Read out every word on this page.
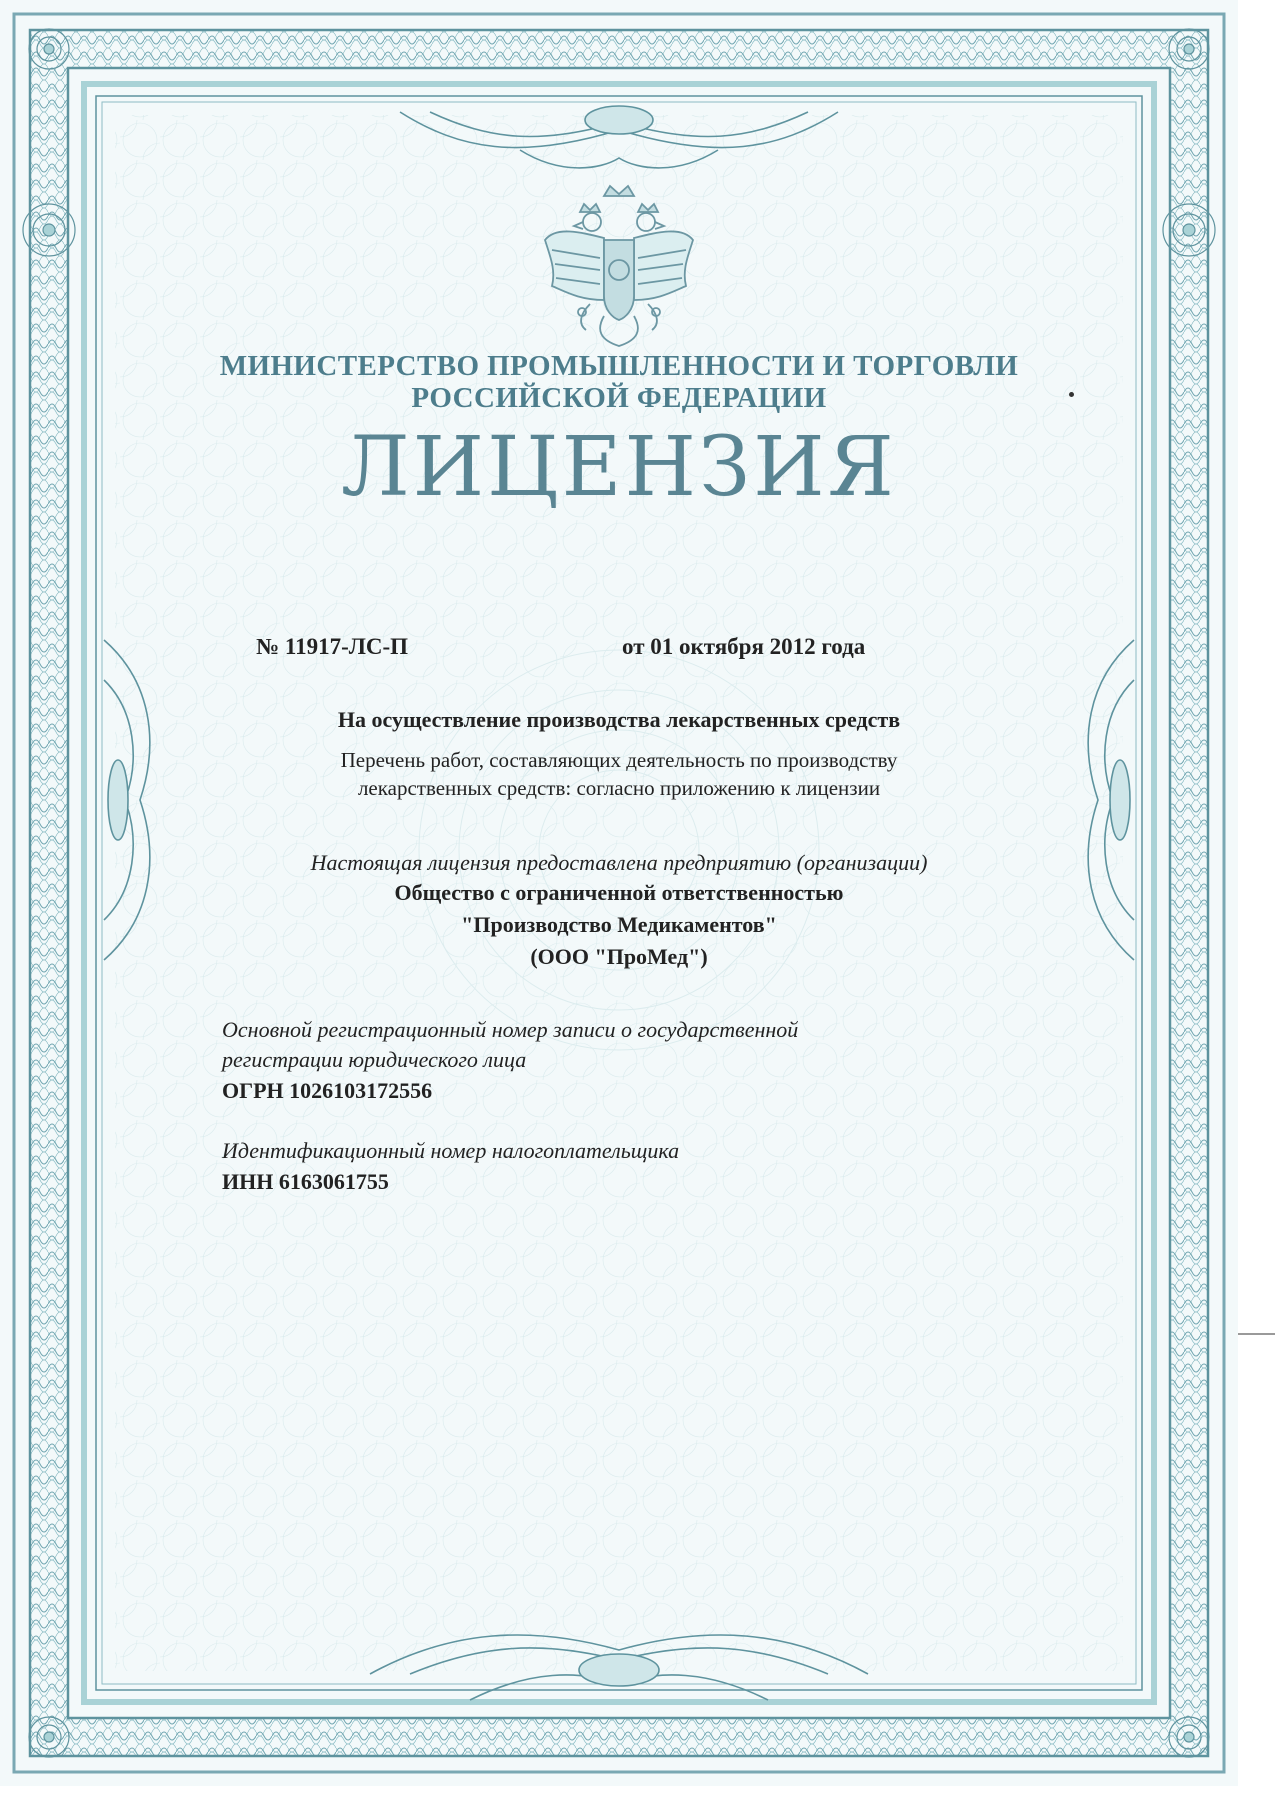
МИНИСТЕРСТВО ПРОМЫШЛЕННОСТИ И ТОРГОВЛИ
РОССИЙСКОЙ ФЕДЕРАЦИИ
ЛИЦЕНЗИЯ
№ 11917-ЛС-П	от 01 октября 2012 года
На осуществление производства лекарственных средств
Перечень работ, составляющих деятельность по производству
лекарственных средств: согласно приложению к лицензии
Настоящая лицензия предоставлена предприятию (организации)
Общество с ограниченной ответственностью
"Производство Медикаментов"
(ООО "ПроМед")
Основной регистрационный номер записи о государственной
регистрации юридического лица
ОГРН 1026103172556
Идентификационный номер налогоплательщика
ИНН 6163061755
